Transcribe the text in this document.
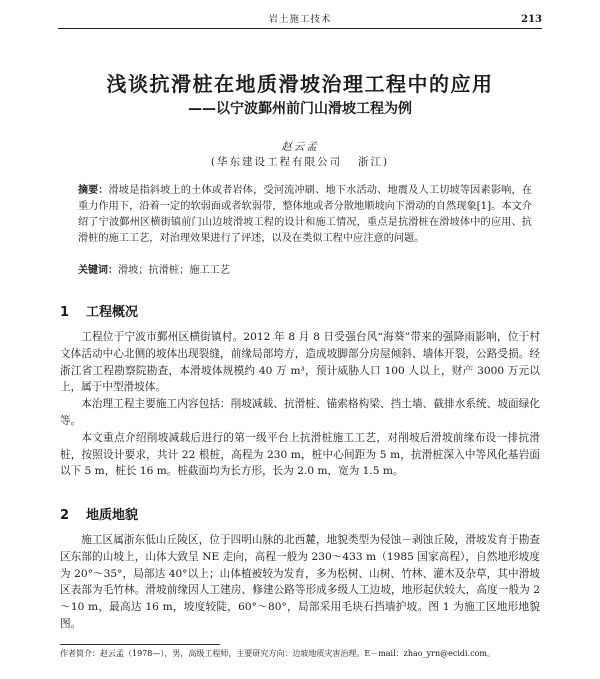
岩土施工技术	213
浅谈抗滑桩在地质滑坡治理工程中的应用
——以宁波鄞州前门山滑坡工程为例
赵云孟
(华东建设工程有限公司 浙江)
摘要：滑坡是指斜坡上的土体或者岩体，受河流冲刷、地下水活动、地震及人工切坡等因素影响，在重力作用下，沿着一定的软弱面或者软弱带，整体地或者分散地顺坡向下滑动的自然现象[1]。本文介绍了宁波鄞州区横街镇前门山边坡滑坡工程的设计和施工情况，重点是抗滑桩在滑坡体中的应用、抗滑桩的施工工艺，对治理效果进行了评述，以及在类似工程中应注意的问题。
关键词：滑坡；抗滑桩；施工工艺
1 工程概况

工程位于宁波市鄞州区横街镇村。2012 年 8 月 8 日受强台风“海葵”带来的强降雨影响，位于村文体活动中心北侧的坡体出现裂缝，前缘局部垮方，造成坡脚部分房屋倾斜、墙体开裂，公路受损。经浙江省工程勘察院勘查，本滑坡体规模约 40 万 m³，预计威胁人口 100 人以上，财产 3000 万元以上，属于中型滑坡体。

本治理工程主要施工内容包括：削坡减载、抗滑桩、锚索格构梁、挡土墙、截排水系统、坡面绿化等。

本文重点介绍削坡减载后进行的第一级平台上抗滑桩施工工艺，对削坡后滑坡前缘布设一排抗滑桩，按照设计要求，共计 22 根桩，高程为 230 m，桩中心间距为 5 m，抗滑桩深入中等风化基岩面以下 5 m，桩长 16 m。桩截面均为长方形，长为 2.0 m，宽为 1.5 m。

2 地质地貌

施工区属浙东低山丘陵区，位于四明山脉的北西麓，地貌类型为侵蚀－剥蚀丘陵，滑坡发育于勘查区东部的山坡上，山体大致呈 NE 走向，高程一般为 230～433 m（1985 国家高程），自然地形坡度为 20°～35°，局部达 40°以上；山体植被较为发育，多为松树、山树、竹林、灌木及杂草，其中滑坡区表部为毛竹林。滑坡前缘因人工建房、修建公路等形成多级人工边坡，地形起伏较大，高度一般为 2～10 m，最高达 16 m，坡度较陡，60°～80°，局部采用毛块石挡墙护坡。图 1 为施工区地形地貌图。

作者简介：赵云孟（1978—），男，高级工程师，主要研究方向：边坡地质灾害治理。E－mail：zhao_yrn@ecidi.com。
